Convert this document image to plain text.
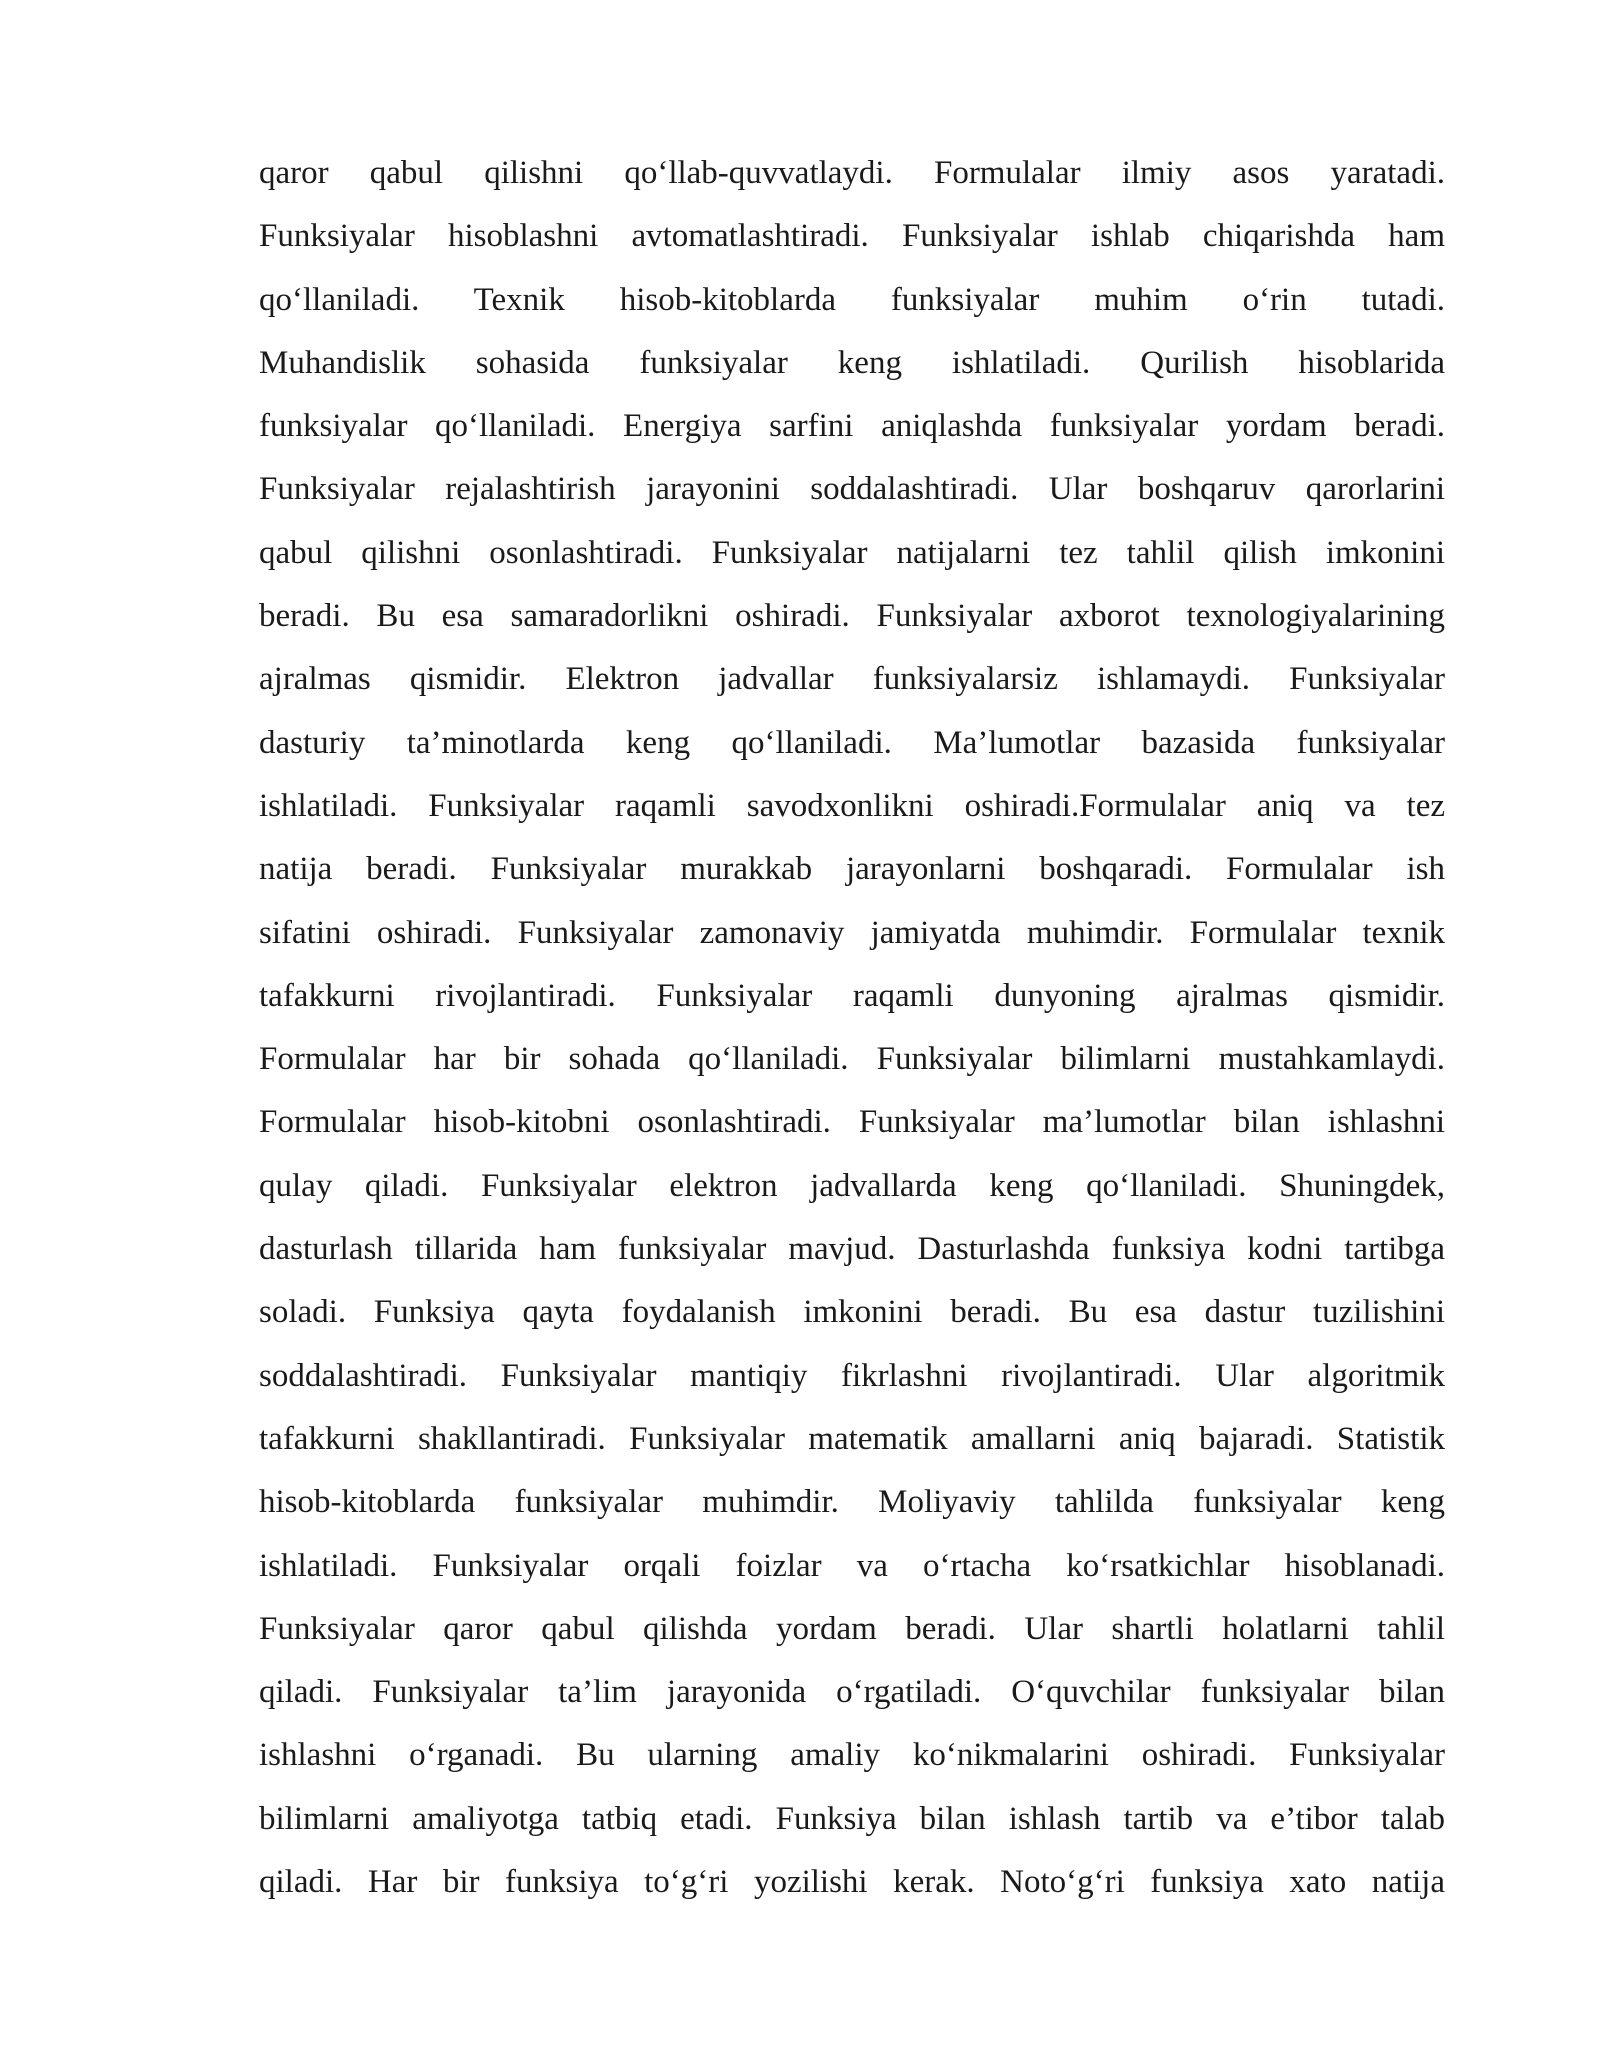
qaror qabul qilishni qo‘llab-quvvatlaydi. Formulalar ilmiy asos yaratadi.
Funksiyalar hisoblashni avtomatlashtiradi. Funksiyalar ishlab chiqarishda ham
qo‘llaniladi. Texnik hisob-kitoblarda funksiyalar muhim o‘rin tutadi.
Muhandislik sohasida funksiyalar keng ishlatiladi. Qurilish hisoblarida
funksiyalar qo‘llaniladi. Energiya sarfini aniqlashda funksiyalar yordam beradi.
Funksiyalar rejalashtirish jarayonini soddalashtiradi. Ular boshqaruv qarorlarini
qabul qilishni osonlashtiradi. Funksiyalar natijalarni tez tahlil qilish imkonini
beradi. Bu esa samaradorlikni oshiradi. Funksiyalar axborot texnologiyalarining
ajralmas qismidir. Elektron jadvallar funksiyalarsiz ishlamaydi. Funksiyalar
dasturiy ta’minotlarda keng qo‘llaniladi. Ma’lumotlar bazasida funksiyalar
ishlatiladi. Funksiyalar raqamli savodxonlikni oshiradi.Formulalar aniq va tez
natija beradi. Funksiyalar murakkab jarayonlarni boshqaradi. Formulalar ish
sifatini oshiradi. Funksiyalar zamonaviy jamiyatda muhimdir. Formulalar texnik
tafakkurni rivojlantiradi. Funksiyalar raqamli dunyoning ajralmas qismidir.
Formulalar har bir sohada qo‘llaniladi. Funksiyalar bilimlarni mustahkamlaydi.
Formulalar hisob-kitobni osonlashtiradi. Funksiyalar ma’lumotlar bilan ishlashni
qulay qiladi. Funksiyalar elektron jadvallarda keng qo‘llaniladi. Shuningdek,
dasturlash tillarida ham funksiyalar mavjud. Dasturlashda funksiya kodni tartibga
soladi. Funksiya qayta foydalanish imkonini beradi. Bu esa dastur tuzilishini
soddalashtiradi. Funksiyalar mantiqiy fikrlashni rivojlantiradi. Ular algoritmik
tafakkurni shakllantiradi. Funksiyalar matematik amallarni aniq bajaradi. Statistik
hisob-kitoblarda funksiyalar muhimdir. Moliyaviy tahlilda funksiyalar keng
ishlatiladi. Funksiyalar orqali foizlar va o‘rtacha ko‘rsatkichlar hisoblanadi.
Funksiyalar qaror qabul qilishda yordam beradi. Ular shartli holatlarni tahlil
qiladi. Funksiyalar ta’lim jarayonida o‘rgatiladi. O‘quvchilar funksiyalar bilan
ishlashni o‘rganadi. Bu ularning amaliy ko‘nikmalarini oshiradi. Funksiyalar
bilimlarni amaliyotga tatbiq etadi. Funksiya bilan ishlash tartib va e’tibor talab
qiladi. Har bir funksiya to‘g‘ri yozilishi kerak. Noto‘g‘ri funksiya xato natija
